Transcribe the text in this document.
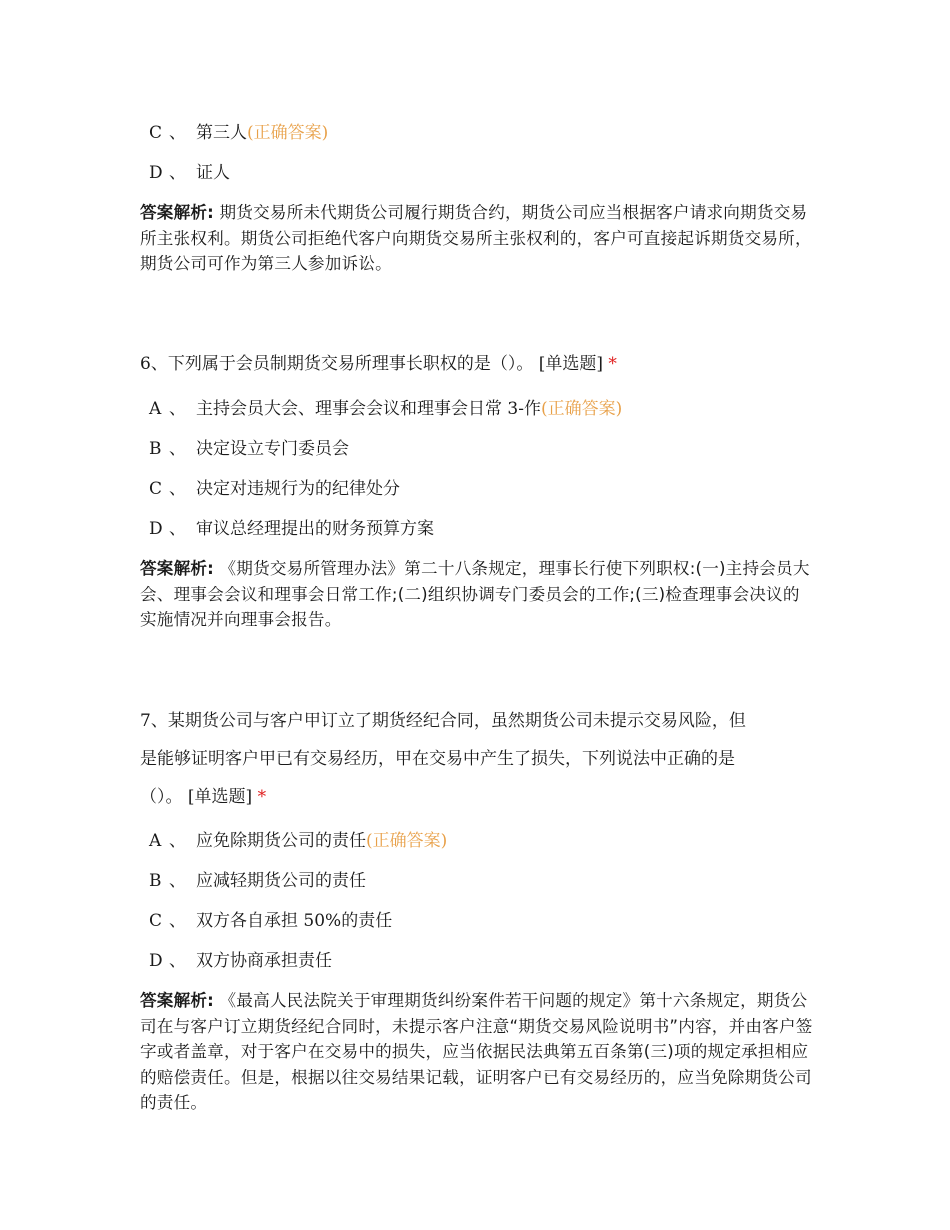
C 、 第三人(正确答案)
D 、 证人
答案解析: 期货交易所未代期货公司履行期货合约，期货公司应当根据客户请求向期货交易所主张权利。期货公司拒绝代客户向期货交易所主张权利的，客户可直接起诉期货交易所，期货公司可作为第三人参加诉讼。
6、下列属于会员制期货交易所理事长职权的是（）。 [单选题] *
A 、 主持会员大会、理事会会议和理事会日常 3-作(正确答案)
B 、 决定设立专门委员会
C 、 决定对违规行为的纪律处分
D 、 审议总经理提出的财务预算方案
答案解析: 《期货交易所管理办法》第二十八条规定，理事长行使下列职权:(一)主持会员大会、理事会会议和理事会日常工作;(二)组织协调专门委员会的工作;(三)检查理事会决议的实施情况并向理事会报告。
7、某期货公司与客户甲订立了期货经纪合同，虽然期货公司未提示交易风险，但
是能够证明客户甲已有交易经历，甲在交易中产生了损失，下列说法中正确的是
（）。 [单选题] *
A 、 应免除期货公司的责任(正确答案)
B 、 应减轻期货公司的责任
C 、 双方各自承担 50%的责任
D 、 双方协商承担责任
答案解析: 《最高人民法院关于审理期货纠纷案件若干问题的规定》第十六条规定，期货公司在与客户订立期货经纪合同时，未提示客户注意“期货交易风险说明书”内容，并由客户签字或者盖章，对于客户在交易中的损失，应当依据民法典第五百条第(三)项的规定承担相应的赔偿责任。但是，根据以往交易结果记载，证明客户已有交易经历的，应当免除期货公司的责任。
